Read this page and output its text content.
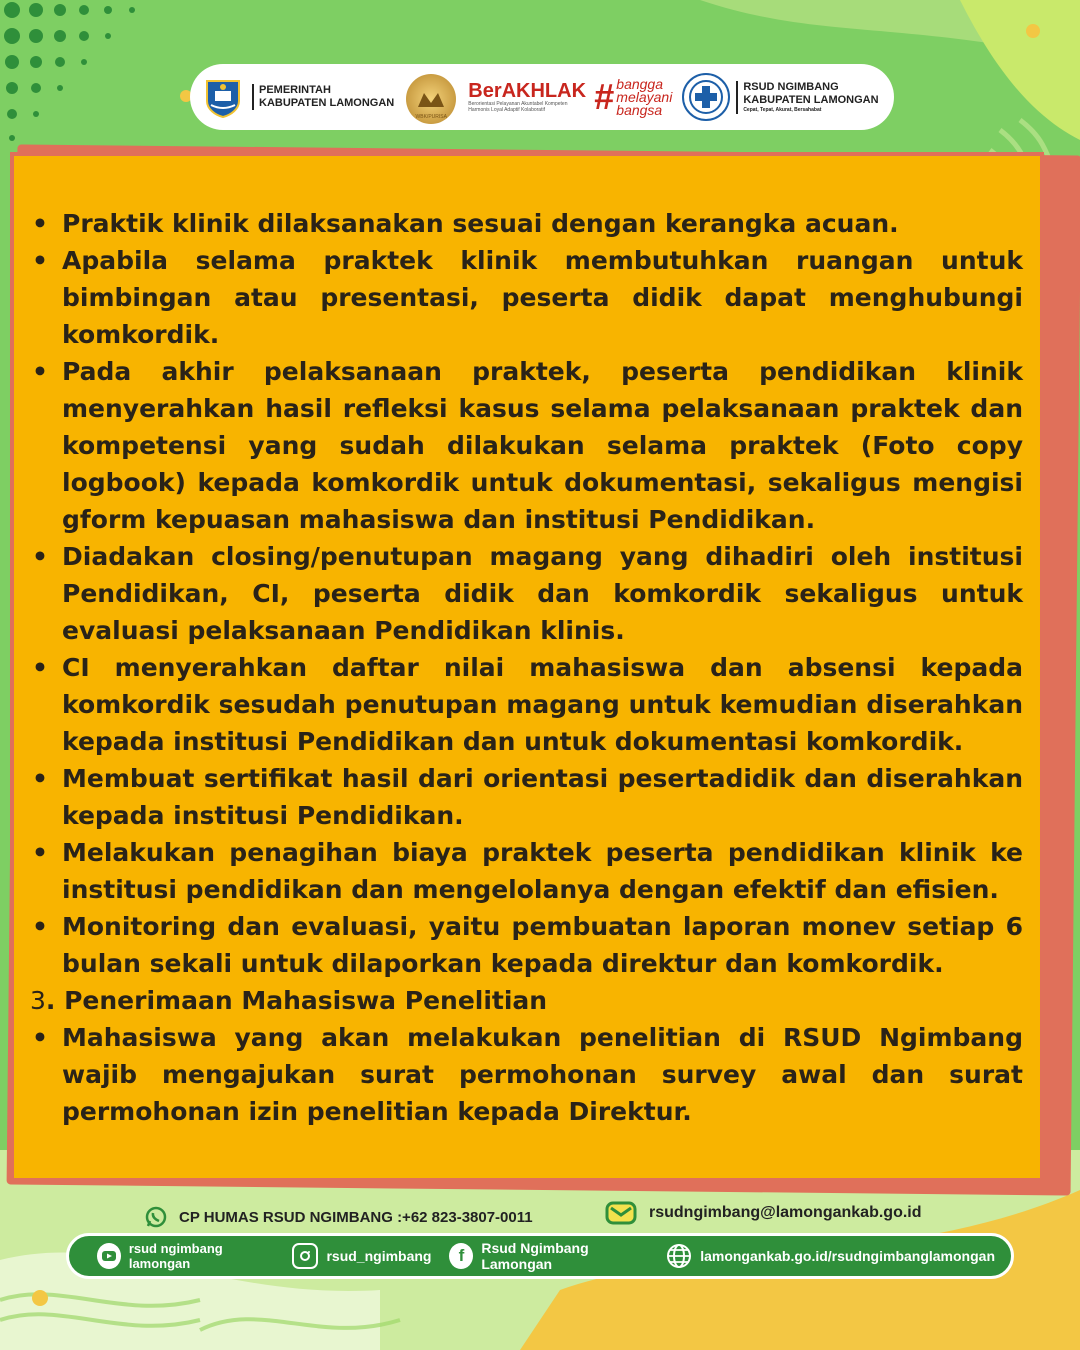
PEMERINTAH
KABUPATEN LAMONGAN
WBK/PURISA
BerAKHLAK
Berorientasi Pelayanan Akuntabel Kompeten Harmonis Loyal Adaptif Kolaboratif	# bangga
melayani
bangsa
RSUD NGIMBANG
KABUPATEN LAMONGAN
Cepat, Tepat, Akurat, Bersahabat
• Praktik klinik dilaksanakan sesuai dengan kerangka acuan.
• Apabila selama praktek klinik membutuhkan ruangan untuk bimbingan atau presentasi, peserta didik dapat menghubungi komkordik.
• Pada akhir pelaksanaan praktek, peserta pendidikan klinik menyerahkan hasil refleksi kasus selama pelaksanaan praktek dan kompetensi yang sudah dilakukan selama praktek (Foto copy logbook) kepada komkordik untuk dokumentasi, sekaligus mengisi gform kepuasan mahasiswa dan institusi Pendidikan.
• Diadakan closing/penutupan magang yang dihadiri oleh institusi Pendidikan, CI, peserta didik dan komkordik sekaligus untuk evaluasi pelaksanaan Pendidikan klinis.
• CI menyerahkan daftar nilai mahasiswa dan absensi kepada komkordik sesudah penutupan magang untuk kemudian diserahkan kepada institusi Pendidikan dan untuk dokumentasi komkordik.
• Membuat sertifikat hasil dari orientasi pesertadidik dan diserahkan kepada institusi Pendidikan.
• Melakukan penagihan biaya praktek peserta pendidikan klinik ke institusi pendidikan dan mengelolanya dengan efektif dan efisien.
• Monitoring dan evaluasi, yaitu pembuatan laporan monev setiap 6 bulan sekali untuk dilaporkan kepada direktur dan komkordik.
3. Penerimaan Mahasiswa Penelitian
• Mahasiswa yang akan melakukan penelitian di RSUD Ngimbang wajib mengajukan surat permohonan survey awal dan surat permohonan izin penelitian kepada Direktur.
CP HUMAS RSUD NGIMBANG :+62 823-3807-0011	rsudngimbang@lamongankab.go.id
rsud ngimbang lamongan	rsud_ngimbang	f	Rsud Ngimbang Lamongan	lamongankab.go.id/rsudngimbanglamongan
